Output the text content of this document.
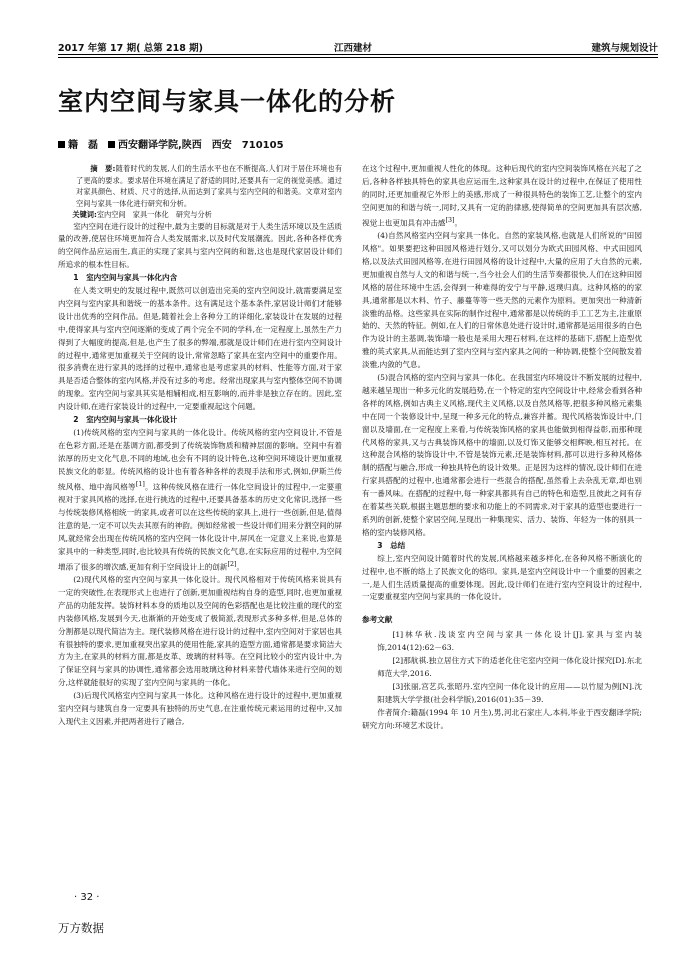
2017 年第 17 期( 总第 218 期)	江西建材	建筑与规划设计
室内空间与家具一体化的分析
籍　磊 西安翻译学院,陕西　西安　710105

摘　要:随着时代的发展,人们的生活水平也在不断提高,人们对于居住环境也有了更高的要求。要求居住环境在满足了舒适的同时,还要具有一定的视觉美感。通过对家具颜色、材质、尺寸的选择,从而达到了家具与室内空间的和谐美。文章对室内空间与家具一体化进行研究和分析。

关键词:室内空间　家具一体化　研究与分析

室内空间在进行设计的过程中,最为主要的目标就是对于人类生活环境以及生活质量的改善,使居住环境更加符合人类发展需求,以及时代发展潮流。因此,各种各样优秀的空间作品应运而生,真正的实现了家具与室内空间的和谐,这也是现代家居设计师们所追求的根本性目标。

1　室内空间与家具一体化内含

在人类文明史的发展过程中,既然可以创造出完美的室内空间设计,就需要满足室内空间与室内家具和谐统一的基本条件。这有满足这个基本条件,家居设计师们才能够设计出优秀的空间作品。但是,随着社会上各种分工的详细化,家装设计在发展的过程中,使得家具与室内空间逐渐的变成了两个完全不同的学科,在一定程度上,虽然生产力得到了大幅度的提高,但是,也产生了很多的弊端,那就是设计师们在进行室内空间设计的过程中,通常更加重视关于空间的设计,常常忽略了家具在室内空间中的重要作用。很多消费在进行家具的选择的过程中,通常也是考虑家具的材料、性能等方面,对于家具是否适合整体的室内风格,并没有过多的考虑。经常出现家具与室内整体空间不协调的现象。室内空间与家具其实是相辅相成,相互影响的,而并非是独立存在的。因此,室内设计师,在进行家装设计的过程中,一定要重视起这个问题。

2　室内空间与家具一体化设计

(1)传统风格的室内空间与家具的一体化设计。传统风格的室内空间设计,不管是在色彩方面,还是在基调方面,都受到了传统装饰物质和精神层面的影响。空间中有着浓厚的历史文化气息,不同的地域,也会有不同的设计特色,这种空间环境设计更加重视民族文化的彰显。传统风格的设计也有着各种各样的表现手法和形式,例如,伊斯兰传统风格、地中海风格等[1]。这种传统风格在进行一体化空间设计的过程中,一定要重视对于家具风格的选择,在进行挑选的过程中,还要具备基本的历史文化常识,选择一些与传统装修风格相统一的家具,或者可以在这些传统的家具上,进行一些创新,但是,值得注意的是,一定不可以失去其原有的神韵。例如经常被一些设计师们用来分割空间的屏风,就经常会出现在传统风格的室内空间一体化设计中,屏风在一定意义上来说,也算是家具中的一种类型,同时,也比较具有传统的民族文化气息,在实际应用的过程中,为空间增添了很多的增次感,更加有利于空间设计上的创新[2]。

(2)现代风格的室内空间与家具一体化设计。现代风格相对于传统风格来说具有一定的突破性,在表现形式上也进行了创新,更加重视结构自身的造型,同时,也更加重视产品的功能发挥。装饰材料本身的质地以及空间的色彩搭配也是比较注重的现代的室内装修风格,发展到今天,也渐渐的开始变成了极简派,表现形式多种多样,但是,总体的分割都是以现代简洁为主。现代装修风格在进行设计的过程中,室内空间对于家居也具有很独特的要求,更加重视突出家具的使用性能,家具的造型方面,通常都是要求简洁大方为主,在家具的材料方面,都是皮革、玻璃的材料等。在空间比较小的室内设计中,为了保证空间与家具的协调性,通常都会选用玻璃这种材料来替代墙体来进行空间的划分,这样就能很好的实现了室内空间与家具的一体化。

(3)后现代风格室内空间与家具一体化。这种风格在进行设计的过程中,更加重视室内空间与建筑自身一定要具有独特的历史气息,在注重传统元素运用的过程中,又加入现代主义因素,并把两者进行了融合,

在这个过程中,更加重视人性化的体现。这种后现代的室内空间装饰风格在兴起了之后,各种各样独具特色的家具也应运而生,这种家具在设计的过程中,在保证了使用性的同时,还更加重视它外形上的美感,形成了一种很具特色的装饰工艺,让整个的室内空间更加的和谐与统一,同时,又具有一定的韵律感,使得简单的空间更加具有层次感,视觉上也更加具有冲击感[3]。

(4)自然风格室内空间与家具一体化。自然的家装风格,也就是人们所说的"田园风格"。如果要把这种田园风格进行划分,又可以划分为欧式田园风格、中式田园风格,以及法式田园风格等,在进行田园风格的设计过程中,大量的应用了大自然的元素,更加重视自然与人文的和谐与统一,当今社会人们的生活节奏都很快,人们在这种田园风格的居住环境中生活,会得到一种难得的安宁与平静,返璞归真。这种风格的的家具,通常都是以木料、竹子、藤蔓等等一些天然的元素作为原料。更加突出一种清新淡雅的品格。这些家具在实际的制作过程中,通常都是以传统的手工工艺为主,注重原始的、天然的特征。例如,在人们的日常休息处进行设计时,通常都是运用很多的白色作为设计的主基调,装饰墙一般也是采用大理石材料,在这样的基础下,搭配上造型优雅的英式家具,从而能达到了室内空间与室内家具之间的一种协调,使整个空间散发着淡雅,内敛的气息。

(5)混合风格的室内空间与家具一体化。在我国室内环境设计不断发展的过程中,越来越呈现出一种多元化的发展趋势,在一个特定的室内空间设计中,经常会看到各种各样的风格,例如古典主义风格,现代主义风格,以及自然风格等,把很多种风格元素集中在同一个装修设计中,呈现一种多元化的特点,兼容并蓄。现代风格装饰设计中,门窗以及墙面,在一定程度上来看,与传统装饰风格的家具也能做到相得益彰,而那种现代风格的家具,又与古典装饰风格中的墙面,以及灯饰又能够交相辉映,相互衬托。在这种混合风格的装饰设计中,不管是装饰元素,还是装饰材料,都可以进行多种风格体制的搭配与融合,形成一种独具特色的设计效果。正是因为这样的情况,设计师们在进行家具搭配的过程中,也通常都会进行一些混合的搭配,虽然看上去杂乱无章,却也别有一番风味。在搭配的过程中,每一种家具都具有自己的特色和造型,且彼此之间有存在着某些关联,根据主题思想的要求和功能上的不同需求,对于家具的造型也要进行一系列的创新,使整个家居空间,呈现出一种集现实、活力、装饰、年轻为一体的别具一格的室内装修风格。

3　总结

综上,室内空间设计随着时代的发展,风格越来越多样化,在各种风格不断演化的过程中,也不断的络上了民族文化的烙印。家具,是室内空间设计中一个重要的因素之一,是人们生活质量提高的重要体现。因此,设计师们在进行室内空间设计的过程中,一定要重视室内空间与家具的一体化设计。

参考文献

[1]林华秋.浅谈室内空间与家具一体化设计[J].家具与室内装饰,2014(12):62－63.

[2]那航祺.独立居住方式下的适老化住宅室内空间一体化设计探究[D].东北师范大学,2016.

[3]张丽,宫艺兵,张昭丹.室内空间一体化设计的应用——以竹屋为例[N].沈阳建筑大学学报(社会科学版),2016(01):35－39.

作者简介:籍磊(1994 年 10 月生),男,河北石家庄人,本科,毕业于西安翻译学院;研究方向:环境艺术设计。

· 32 ·
万方数据
